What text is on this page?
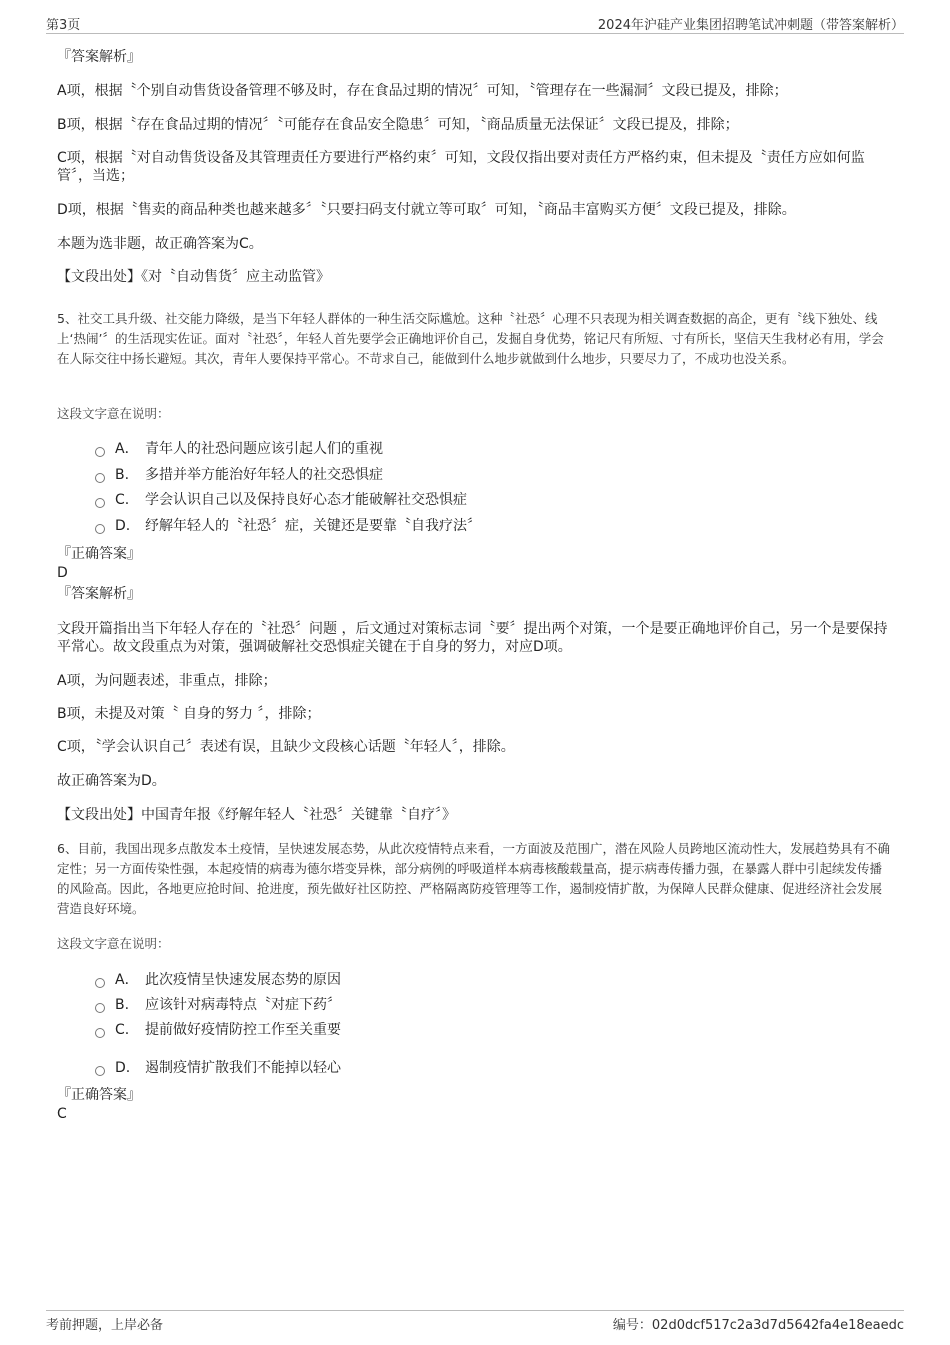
第3页	2024年沪硅产业集团招聘笔试冲刺题（带答案解析）

『答案解析』

A项，根据〝个别自动售货设备管理不够及时，存在食品过期的情况〞可知，〝管理存在一些漏洞〞文段已提及，排除；

B项，根据〝存在食品过期的情况〞〝可能存在食品安全隐患〞可知，〝商品质量无法保证〞文段已提及，排除；

C项，根据〝对自动售货设备及其管理责任方要进行严格约束〞可知，文段仅指出要对责任方严格约束，但未提及〝责任方应如何监管〞，当选；

D项，根据〝售卖的商品种类也越来越多〞〝只要扫码支付就立等可取〞可知，〝商品丰富购买方便〞文段已提及，排除。

本题为选非题，故正确答案为C。

【文段出处】《对〝自动售货〞应主动监管》

5、社交工具升级、社交能力降级，是当下年轻人群体的一种生活交际尴尬。这种〝社恐〞心理不只表现为相关调查数据的高企，更有〝线下独处、线上‘热闹’〞的生活现实佐证。面对〝社恐〞，年轻人首先要学会正确地评价自己，发掘自身优势，铭记尺有所短、寸有所长，坚信天生我材必有用，学会在人际交往中扬长避短。其次，青年人要保持平常心。不苛求自己，能做到什么地步就做到什么地步，只要尽力了，不成功也没关系。

这段文字意在说明：
A． 青年人的社恐问题应该引起人们的重视
B. 多措并举方能治好年轻人的社交恐惧症
C. 学会认识自己以及保持良好心态才能破解社交恐惧症
D. 纾解年轻人的〝社恐〞症，关键还是要靠〝自我疗法〞

『正确答案』

D

『答案解析』

文段开篇指出当下年轻人存在的〝社恐〞问题 ，后文通过对策标志词〝要〞提出两个对策，一个是要正确地评价自己，另一个是要保持平常心。故文段重点为对策，强调破解社交恐惧症关键在于自身的努力，对应D项。

A项，为问题表述，非重点，排除；

B项，未提及对策〝 自身的努力 〞，排除；

C项，〝学会认识自己〞表述有误，且缺少文段核心话题〝年轻人〞，排除。

故正确答案为D。

【文段出处】中国青年报《纾解年轻人〝社恐〞关键靠〝自疗〞》

6、目前，我国出现多点散发本土疫情，呈快速发展态势，从此次疫情特点来看，一方面波及范围广，潜在风险人员跨地区流动性大，发展趋势具有不确定性；另一方面传染性强，本起疫情的病毒为德尔塔变异株，部分病例的呼吸道样本病毒核酸载量高，提示病毒传播力强，在暴露人群中引起续发传播的风险高。因此，各地更应抢时间、抢进度，预先做好社区防控、严格隔离防疫管理等工作，遏制疫情扩散，为保障人民群众健康、促进经济社会发展营造良好环境。

这段文字意在说明：
A． 此次疫情呈快速发展态势的原因
B. 应该针对病毒特点〝对症下药〞
C. 提前做好疫情防控工作至关重要
D. 遏制疫情扩散我们不能掉以轻心

『正确答案』

C

考前押题，上岸必备	编号：02d0dcf517c2a3d7d5642fa4e18eaedc
